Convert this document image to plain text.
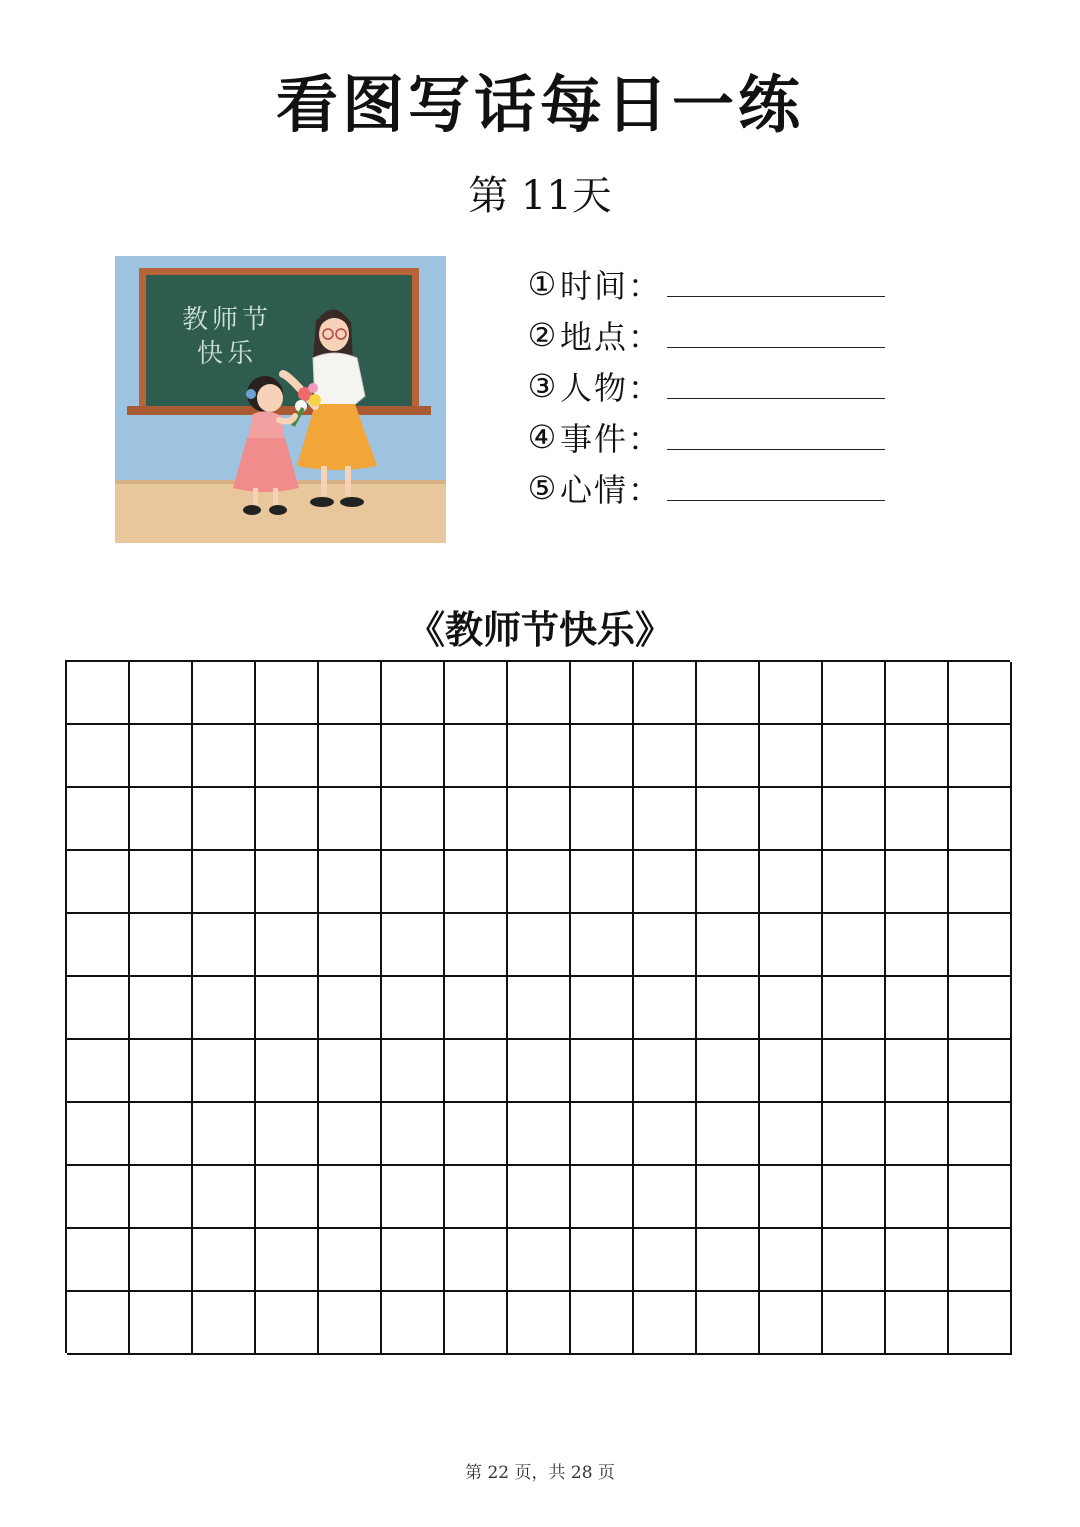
看图写话每日一练
第 11天
教师节
快乐
① 时间：
② 地点：
③ 人物：
④ 事件：
⑤ 心情：
《教师节快乐》
第 22 页，共 28 页
